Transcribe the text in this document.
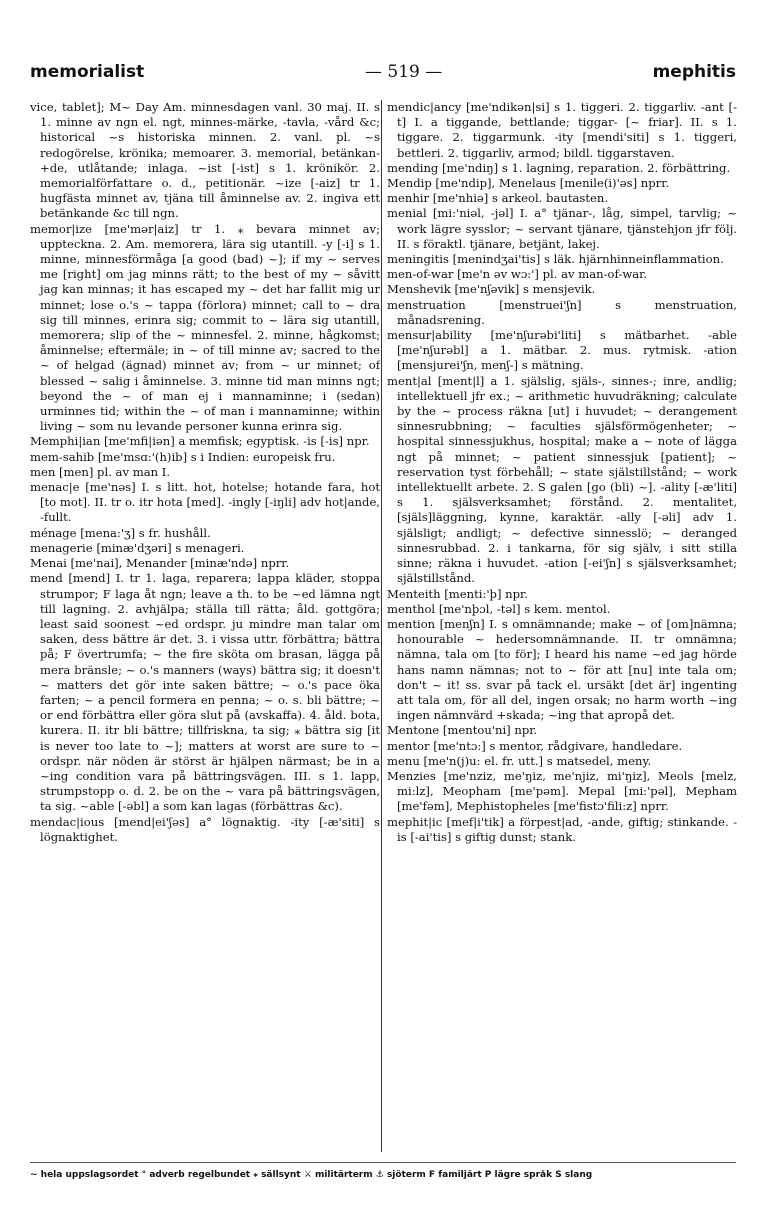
memorialist	— 519 —	mephitis

vice, tablet]; M~ Day Am. minnesdagen vanl. 30 maj. II. s 1. minne av ngn el. ngt, minnes-märke, -tavla, -vård &c; historical ~s historiska minnen. 2. vanl. pl. ~s redogörelse, krönika; memoarer. 3. memorial, betänkan-+de, utlåtande; inlaga. ~ist [-ist] s 1. krönikör. 2. memorialförfattare o. d., petitionär. ~ize [-aiz] tr 1. hugfästa minnet av, tjäna till åminnelse av. 2. ingiva ett betänkande &c till ngn.

memor|ize [me'mər|aiz] tr 1. ⁎ bevara minnet av; uppteckna. 2. Am. memorera, lära sig utantill. -y [-i] s 1. minne, minnesförmåga [a good (bad) ~]; if my ~ serves me [right] om jag minns rätt; to the best of my ~ såvitt jag kan minnas; it has escaped my ~ det har fallit mig ur minnet; lose o.'s ~ tappa (förlora) minnet; call to ~ dra sig till minnes, erinra sig; commit to ~ lära sig utantill, memorera; slip of the ~ minnesfel. 2. minne, hågkomst; åminnelse; eftermäle; in ~ of till minne av; sacred to the ~ of helgad (ägnad) minnet av; from ~ ur minnet; of blessed ~ salig i åminnelse. 3. minne tid man minns ngt; beyond the ~ of man ej i mannaminne; i (sedan) urminnes tid; within the ~ of man i mannaminne; within living ~ som nu levande personer kunna erinra sig.

Memphi|ian [me'mfi|iən] a memfisk; egyptisk. -is [-is] npr.

mem-sahib [me'msɑ:'(h)ib] s i Indien: europeisk fru.

men [men] pl. av man I.

menac|e [me'nəs] I. s litt. hot, hotelse; hotande fara, hot [to mot]. II. tr o. itr hota [med]. -ingly [-iŋli] adv hot|ande, -fullt.

ménage [mena:'ʒ] s fr. hushåll.

menagerie [minæ'dʒəri] s menageri.

Menai [me'nai], Menander [minæ'ndə] nprr.

mend [mend] I. tr 1. laga, reparera; lappa kläder, stoppa strumpor; F laga åt ngn; leave a th. to be ~ed lämna ngt till lagning. 2. avhjälpa; ställa till rätta; åld. gottgöra; least said soonest ~ed ordspr. ju mindre man talar om saken, dess bättre är det. 3. i vissa uttr. förbättra; bättra på; F övertrumfa; ~ the fire sköta om brasan, lägga på mera bränsle; ~ o.'s manners (ways) bättra sig; it doesn't ~ matters det gör inte saken bättre; ~ o.'s pace öka farten; ~ a pencil formera en penna; ~ o. s. bli bättre; ~ or end förbättra eller göra slut på (avskaffa). 4. åld. bota, kurera. II. itr bli bättre; tillfriskna, ta sig; ⁎ bättra sig [it is never too late to ~]; matters at worst are sure to ~ ordspr. när nöden är störst är hjälpen närmast; be in a ~ing condition vara på bättringsvägen. III. s 1. lapp, strumpstopp o. d. 2. be on the ~ vara på bättringsvägen, ta sig. ~able [-əbl] a som kan lagas (förbättras &c).

mendac|ious [mend|ei'ʃəs] a° lögnaktig. -ity [-æ'siti] s lögnaktighet.

mendic|ancy [me'ndikən|si] s 1. tiggeri. 2. tiggarliv. -ant [-t] I. a tiggande, bettlande; tiggar- [~ friar]. II. s 1. tiggare. 2. tiggarmunk. -ity [mendi'siti] s 1. tiggeri, bettleri. 2. tiggarliv, armod; bildl. tiggarstaven.

mending [me'ndiŋ] s 1. lagning, reparation. 2. förbättring.

Mendip [me'ndip], Menelaus [menile(i)'əs] nprr.

menhir [me'nhiə] s arkeol. bautasten.

menial [mi:'niəl, -jəl] I. a° tjänar-, låg, simpel, tarvlig; ~ work lägre sysslor; ~ servant tjänare, tjänstehjon jfr följ. II. s föraktl. tjänare, betjänt, lakej.

meningitis [menindʒai'tis] s läk. hjärnhinneinflammation.

men-of-war [me'n əv wɔ:'] pl. av man-of-war.

Menshevik [me'nʃəvik] s mensjevik.

menstruation [menstruei'ʃn] s menstruation, månadsrening.

mensur|ability [me'nʃurəbi'liti] s mätbarhet. -able [me'nʃurəbl] a 1. mätbar. 2. mus. rytmisk. -ation [mensjurei'ʃn, menʃ-] s mätning.

ment|al [ment|l] a 1. själslig, själs-, sinnes-; inre, andlig; intellektuell jfr ex.; ~ arithmetic huvudräkning; calculate by the ~ process räkna [ut] i huvudet; ~ derangement sinnesrubbning; ~ faculties själsförmögenheter; ~ hospital sinnessjukhus, hospital; make a ~ note of lägga ngt på minnet; ~ patient sinnessjuk [patient]; ~ reservation tyst förbehåll; ~ state själstillstånd; ~ work intellektuellt arbete. 2. S galen [go (bli) ~]. -ality [-æ'liti] s 1. själsverksamhet; förstånd. 2. mentalitet, [själs]läggning, kynne, karaktär. -ally [-əli] adv 1. själsligt; andligt; ~ defective sinnesslö; ~ deranged sinnesrubbad. 2. i tankarna, för sig själv, i sitt stilla sinne; räkna i huvudet. -ation [-ei'ʃn] s själsverksamhet; själstillstånd.

Menteith [menti:'þ] npr.

menthol [me'nþɔl, -təl] s kem. mentol.

mention [menʃn] I. s omnämnande; make ~ of [om]nämna; honourable ~ hedersomnämnande. II. tr omnämna; nämna, tala om [to för]; I heard his name ~ed jag hörde hans namn nämnas; not to ~ för att [nu] inte tala om; don't ~ it! ss. svar på tack el. ursäkt [det är] ingenting att tala om, för all del, ingen orsak; no harm worth ~ing ingen nämnvärd +skada; ~ing that apropå det.

Mentone [mentou'ni] npr.

mentor [me'ntɔ:] s mentor, rådgivare, handledare.

menu [me'n(j)u: el. fr. utt.] s matsedel, meny.

Menzies [me'nziz, me'ŋiz, me'njiz, mi'ŋiz], Meols [melz, mi:lz], Meopham [me'pəm]. Mepal [mi:'pəl], Mepham [me'fəm], Mephistopheles [me'fistɔ'fili:z] nprr.

mephit|ic [mef|i'tik] a förpest|ad, -ande, giftig; stinkande. -is [-ai'tis] s giftig dunst; stank.

~ hela uppslagsordet ° adverb regelbundet ⁎ sällsynt ⚔ militärterm ⚓ sjöterm F familjärt P lägre språk S slang
